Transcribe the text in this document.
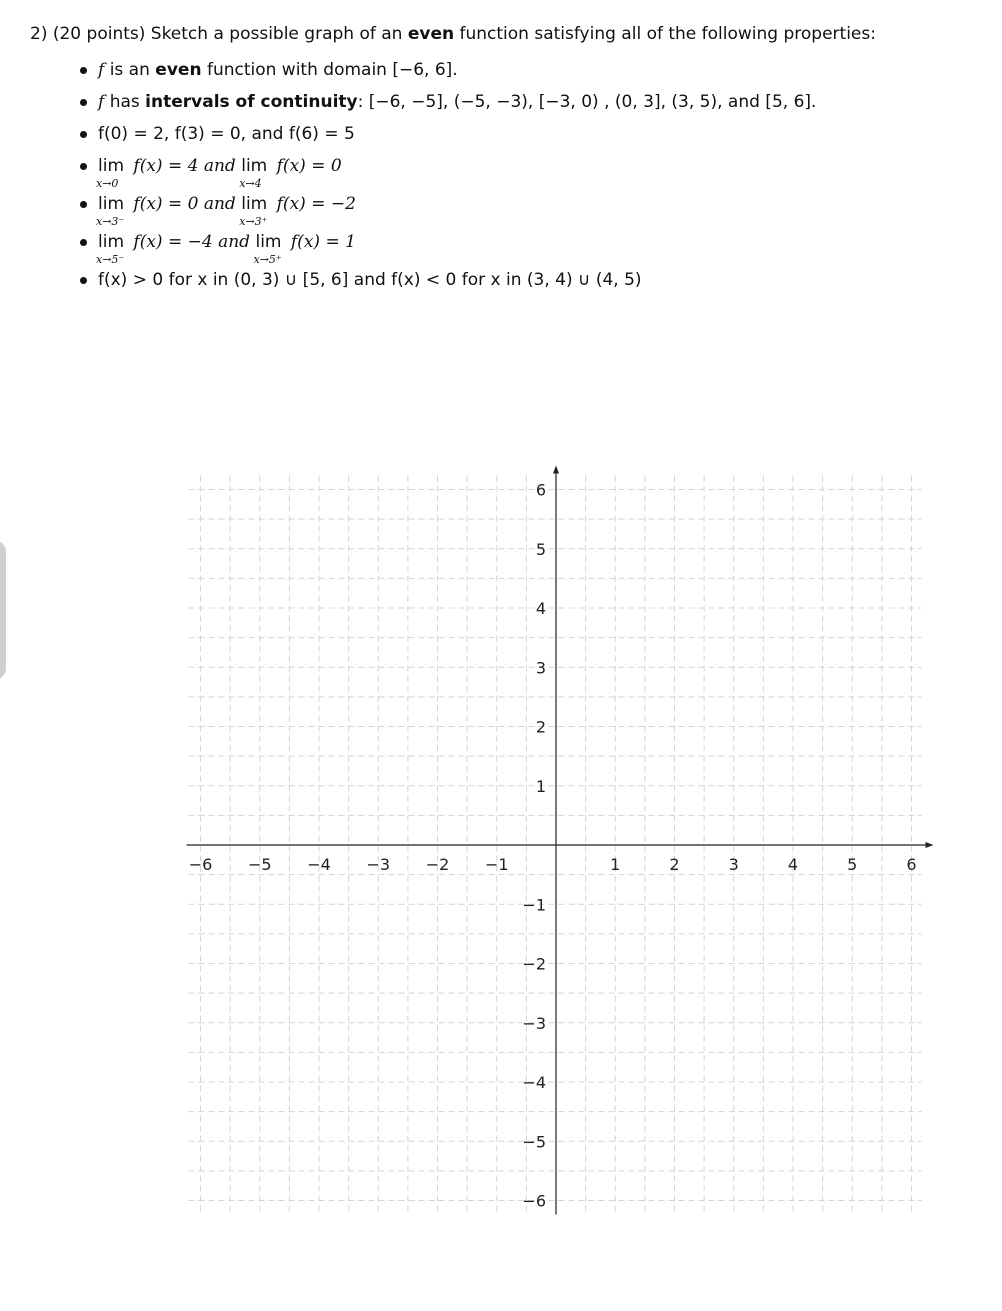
2) (20 points) Sketch a possible graph of an even function satisfying all of the following properties:

f is an even function with domain [−6, 6].
f has intervals of continuity: [−6, −5], (−5, −3), [−3, 0) , (0, 3], (3, 5), and [5, 6].
f(0) = 2, f(3) = 0, and f(6) = 5
lim
x→0
f(x) = 4 and lim
x→4
f(x) = 0
lim
x→3⁻
f(x) = 0 and lim
x→3⁺
f(x) = −2
lim
x→5⁻
f(x) = −4 and lim
x→5⁺
f(x) = 1
f(x) > 0 for x in (0, 3) ∪ [5, 6] and f(x) < 0 for x in (3, 4) ∪ (4, 5)
−6 −5 −4 −3 −2 −1	1	2	3	4	5	6
6
5
4
3
2
1
−1
−2
−3
−4
−5
−6
